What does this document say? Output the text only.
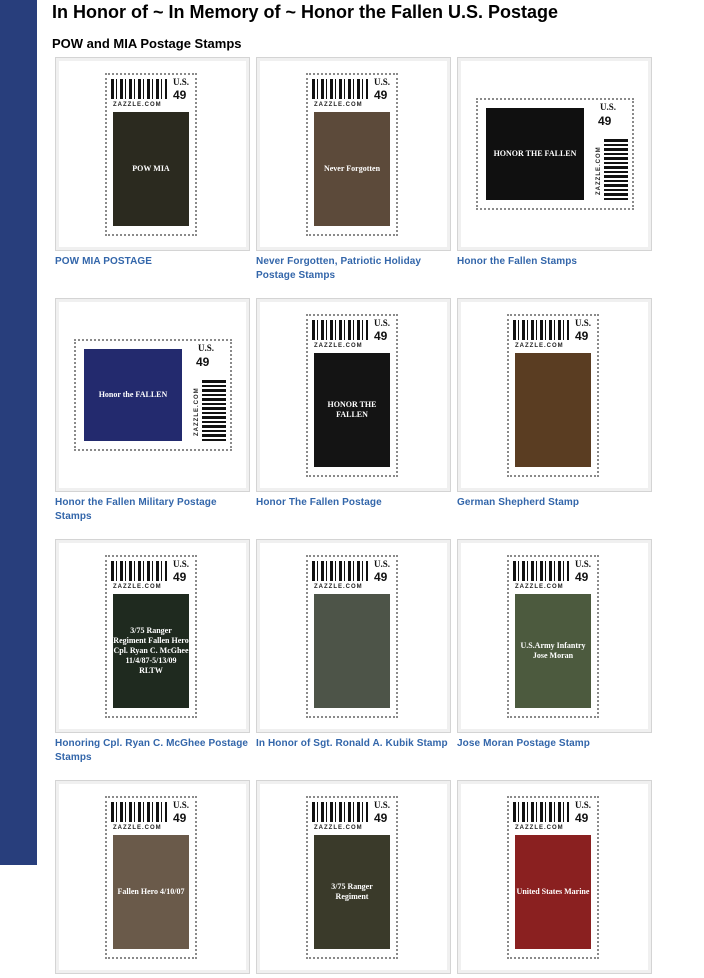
In Honor of ~ In Memory of ~ Honor the Fallen U.S. Postage
POW and MIA Postage Stamps
U.S.
49
ZAZZLE.COM
POW MIA
POW MIA POSTAGE
U.S.
49
ZAZZLE.COM
Never Forgotten
Never Forgotten, Patriotic Holiday Postage Stamps
U.S.
49
ZAZZLE.COM
HONOR THE FALLEN
Honor the Fallen Stamps
U.S.
49
ZAZZLE.COM
Honor the FALLEN
Honor the Fallen Military Postage Stamps
U.S.
49
ZAZZLE.COM
HONOR THE FALLEN
Honor The Fallen Postage
U.S.
49
ZAZZLE.COM
German Shepherd Stamp
U.S.
49
ZAZZLE.COM
3/75 Ranger Regiment Fallen Hero Cpl. Ryan C. McGhee 11/4/87-5/13/09 RLTW
Honoring Cpl. Ryan C. McGhee Postage Stamps
U.S.
49
ZAZZLE.COM
In Honor of Sgt. Ronald A. Kubik Stamp
U.S.
49
ZAZZLE.COM
U.S.Army Infantry Jose Moran
Jose Moran Postage Stamp
U.S.
49
ZAZZLE.COM
Fallen Hero 4/10/07
U.S.
49
ZAZZLE.COM
3/75 Ranger Regiment
U.S.
49
ZAZZLE.COM
United States Marine
